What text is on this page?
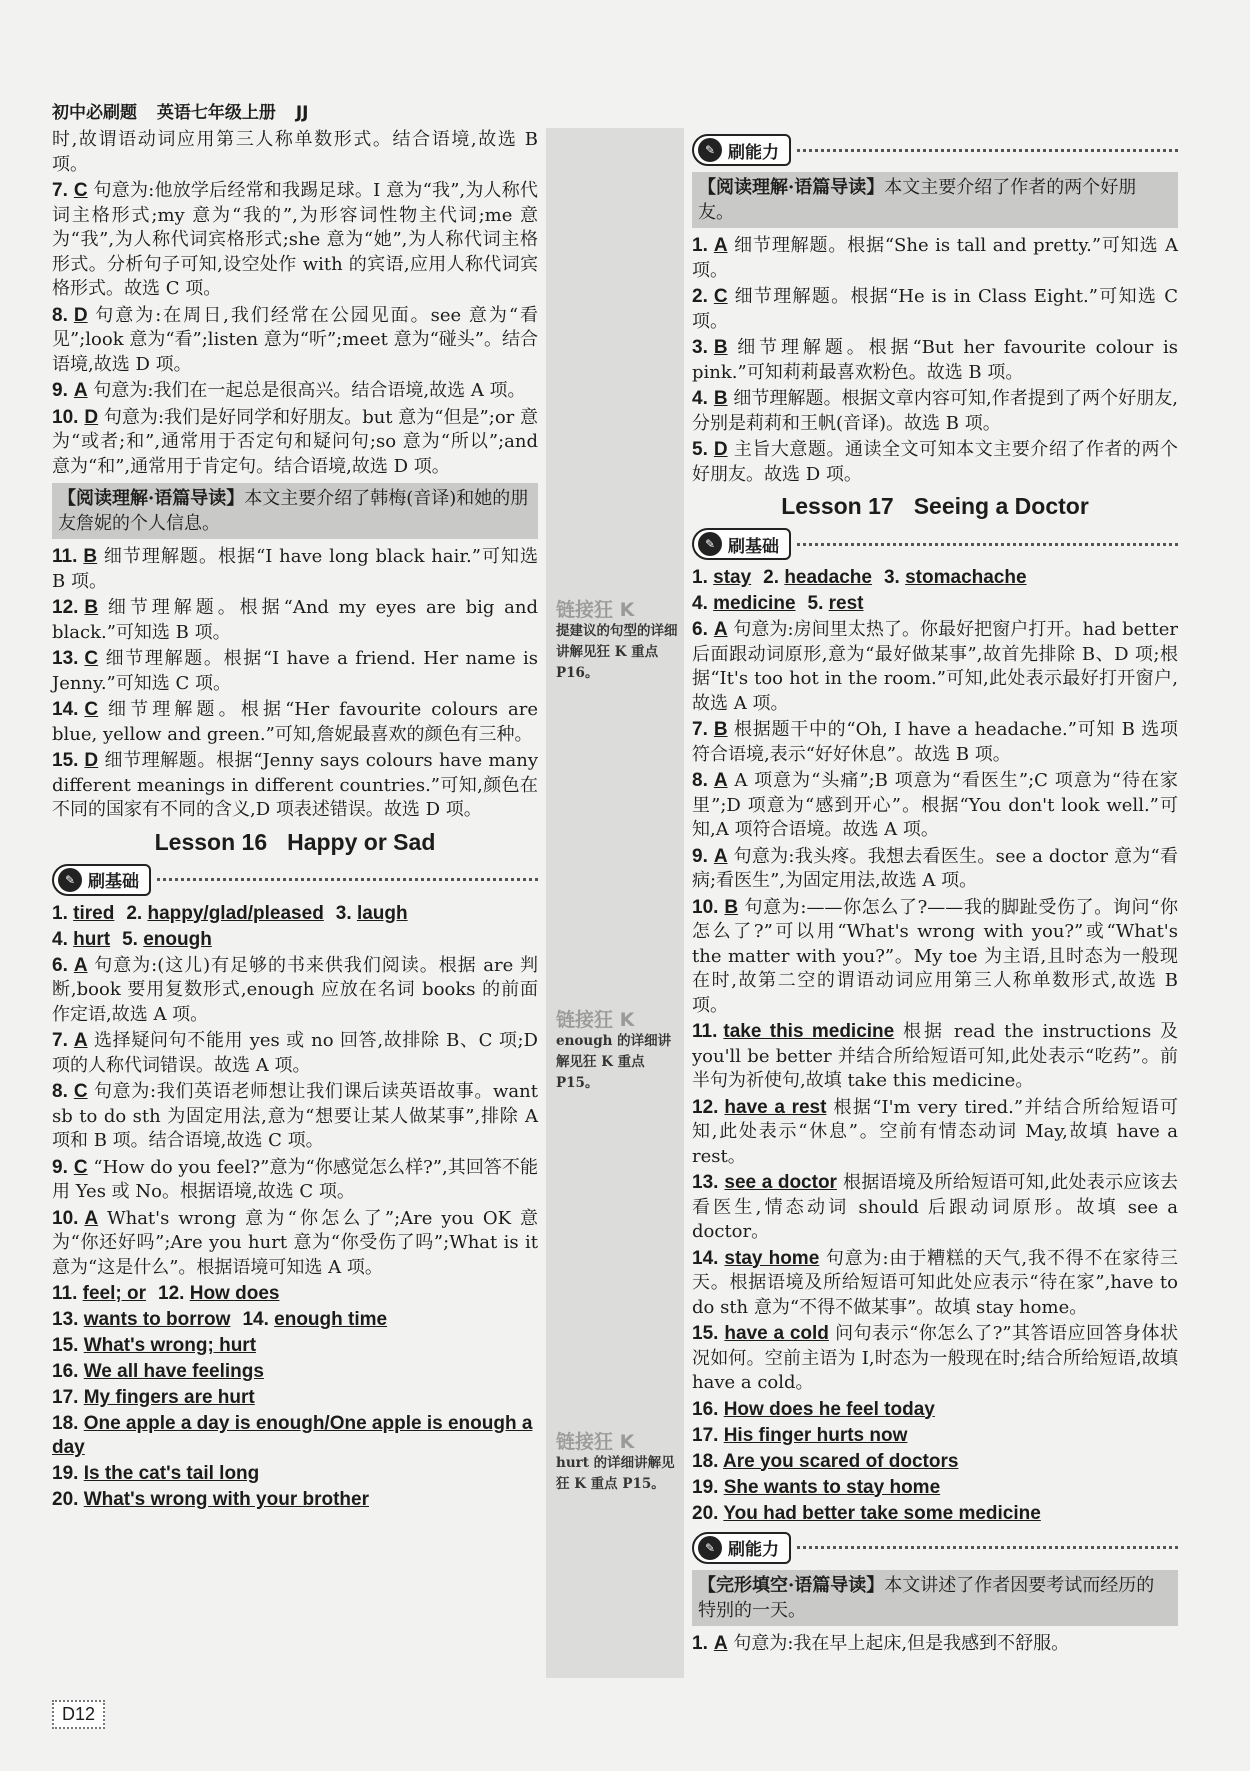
初中必刷题 英语七年级上册 JJ
链接狂 K
提建议的句型的详细讲解见狂 K 重点 P16。
链接狂 K
enough 的详细讲解见狂 K 重点 P15。
链接狂 K
hurt 的详细讲解见狂 K 重点 P15。

时,故谓语动词应用第三人称单数形式。结合语境,故选 B 项。

7. C 句意为:他放学后经常和我踢足球。I 意为“我”,为人称代词主格形式;my 意为“我的”,为形容词性物主代词;me 意为“我”,为人称代词宾格形式;she 意为“她”,为人称代词主格形式。分析句子可知,设空处作 with 的宾语,应用人称代词宾格形式。故选 C 项。

8. D 句意为:在周日,我们经常在公园见面。see 意为“看见”;look 意为“看”;listen 意为“听”;meet 意为“碰头”。结合语境,故选 D 项。

9. A 句意为:我们在一起总是很高兴。结合语境,故选 A 项。

10. D 句意为:我们是好同学和好朋友。but 意为“但是”;or 意为“或者;和”,通常用于否定句和疑问句;so 意为“所以”;and 意为“和”,通常用于肯定句。结合语境,故选 D 项。

【阅读理解·语篇导读】本文主要介绍了韩梅(音译)和她的朋友詹妮的个人信息。

11. B 细节理解题。根据“I have long black hair.”可知选 B 项。

12. B 细节理解题。根据“And my eyes are big and black.”可知选 B 项。

13. C 细节理解题。根据“I have a friend. Her name is Jenny.”可知选 C 项。

14. C 细节理解题。根据“Her favourite colours are blue, yellow and green.”可知,詹妮最喜欢的颜色有三种。

15. D 细节理解题。根据“Jenny says colours have many different meanings in different countries.”可知,颜色在不同的国家有不同的含义,D 项表述错误。故选 D 项。

Lesson 16 Happy or Sad
✎ 刷基础

1. tired 2. happy/glad/pleased 3. laugh

4. hurt 5. enough

6. A 句意为:(这儿)有足够的书来供我们阅读。根据 are 判断,book 要用复数形式,enough 应放在名词 books 的前面作定语,故选 A 项。

7. A 选择疑问句不能用 yes 或 no 回答,故排除 B、C 项;D 项的人称代词错误。故选 A 项。

8. C 句意为:我们英语老师想让我们课后读英语故事。want sb to do sth 为固定用法,意为“想要让某人做某事”,排除 A 项和 B 项。结合语境,故选 C 项。

9. C “How do you feel?”意为“你感觉怎么样?”,其回答不能用 Yes 或 No。根据语境,故选 C 项。

10. A What's wrong 意为“你怎么了”;Are you OK 意为“你还好吗”;Are you hurt 意为“你受伤了吗”;What is it 意为“这是什么”。根据语境可知选 A 项。

11. feel; or 12. How does

13. wants to borrow 14. enough time

15. What's wrong; hurt

16. We all have feelings

17. My fingers are hurt

18. One apple a day is enough/One apple is enough a day

19. Is the cat's tail long

20. What's wrong with your brother

✎ 刷能力
【阅读理解·语篇导读】本文主要介绍了作者的两个好朋友。

1. A 细节理解题。根据“She is tall and pretty.”可知选 A 项。

2. C 细节理解题。根据“He is in Class Eight.”可知选 C 项。

3. B 细节理解题。根据“But her favourite colour is pink.”可知莉莉最喜欢粉色。故选 B 项。

4. B 细节理解题。根据文章内容可知,作者提到了两个好朋友,分别是莉莉和王帆(音译)。故选 B 项。

5. D 主旨大意题。通读全文可知本文主要介绍了作者的两个好朋友。故选 D 项。

Lesson 17 Seeing a Doctor
✎ 刷基础

1. stay 2. headache 3. stomachache

4. medicine 5. rest

6. A 句意为:房间里太热了。你最好把窗户打开。had better 后面跟动词原形,意为“最好做某事”,故首先排除 B、D 项;根据“It's too hot in the room.”可知,此处表示最好打开窗户,故选 A 项。

7. B 根据题干中的“Oh, I have a headache.”可知 B 选项符合语境,表示“好好休息”。故选 B 项。

8. A A 项意为“头痛”;B 项意为“看医生”;C 项意为“待在家里”;D 项意为“感到开心”。根据“You don't look well.”可知,A 项符合语境。故选 A 项。

9. A 句意为:我头疼。我想去看医生。see a doctor 意为“看病;看医生”,为固定用法,故选 A 项。

10. B 句意为:——你怎么了?——我的脚趾受伤了。询问“你怎么了?”可以用“What's wrong with you?”或“What's the matter with you?”。My toe 为主语,且时态为一般现在时,故第二空的谓语动词应用第三人称单数形式,故选 B 项。

11. take this medicine 根据 read the instructions 及 you'll be better 并结合所给短语可知,此处表示“吃药”。前半句为祈使句,故填 take this medicine。

12. have a rest 根据“I'm very tired.”并结合所给短语可知,此处表示“休息”。空前有情态动词 May,故填 have a rest。

13. see a doctor 根据语境及所给短语可知,此处表示应该去看医生,情态动词 should 后跟动词原形。故填 see a doctor。

14. stay home 句意为:由于糟糕的天气,我不得不在家待三天。根据语境及所给短语可知此处应表示“待在家”,have to do sth 意为“不得不做某事”。故填 stay home。

15. have a cold 问句表示“你怎么了?”其答语应回答身体状况如何。空前主语为 I,时态为一般现在时;结合所给短语,故填 have a cold。

16. How does he feel today

17. His finger hurts now

18. Are you scared of doctors

19. She wants to stay home

20. You had better take some medicine

✎ 刷能力
【完形填空·语篇导读】本文讲述了作者因要考试而经历的特别的一天。

1. A 句意为:我在早上起床,但是我感到不舒服。

D12
